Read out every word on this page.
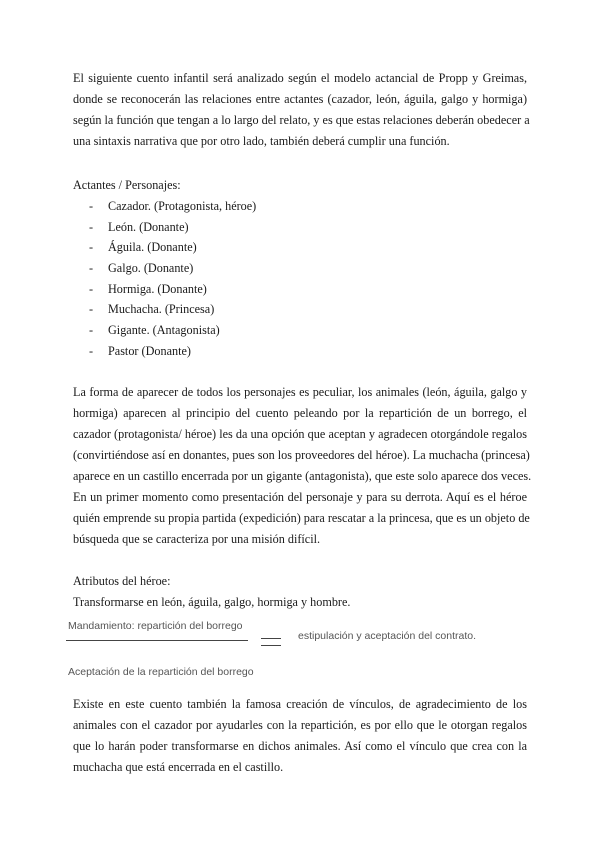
El siguiente cuento infantil será analizado según el modelo actancial de Propp y Greimas,
donde se reconocerán las relaciones entre actantes (cazador, león, águila, galgo y hormiga)
según la función que tengan a lo largo del relato, y es que estas relaciones deberán obedecer a
una sintaxis narrativa que por otro lado, también deberá cumplir una función.

Actantes / Personajes:

- Cazador. (Protagonista, héroe)
- León. (Donante)
- Águila. (Donante)
- Galgo. (Donante)
- Hormiga. (Donante)
- Muchacha. (Princesa)
- Gigante. (Antagonista)
- Pastor (Donante)

La forma de aparecer de todos los personajes es peculiar, los animales (león, águila, galgo y
hormiga) aparecen al principio del cuento peleando por la repartición de un borrego, el
cazador (protagonista/ héroe) les da una opción que aceptan y agradecen otorgándole regalos
(convirtiéndose así en donantes, pues son los proveedores del héroe). La muchacha (princesa)
aparece en un castillo encerrada por un gigante (antagonista), que este solo aparece dos veces.
En un primer momento como presentación del personaje y para su derrota. Aquí es el héroe
quién emprende su propia partida (expedición) para rescatar a la princesa, que es un objeto de
búsqueda que se caracteriza por una misión difícil.

Atributos del héroe:

Transformarse en león, águila, galgo, hormiga y hombre.

Mandamiento: repartición del borrego
estipulación y aceptación del contrato.
Aceptación de la repartición del borrego

Existe en este cuento también la famosa creación de vínculos, de agradecimiento de los
animales con el cazador por ayudarles con la repartición, es por ello que le otorgan regalos
que lo harán poder transformarse en dichos animales. Así como el vínculo que crea con la
muchacha que está encerrada en el castillo.
